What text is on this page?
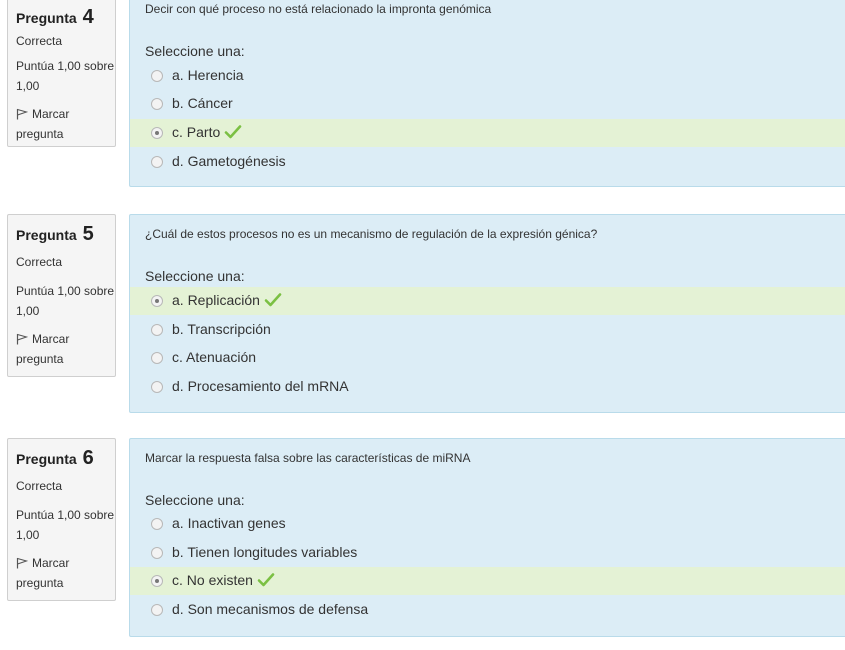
Pregunta 4
Correcta
Puntúa 1,00 sobre 1,00
Marcar pregunta
Decir con qué proceso no está relacionado la impronta genómica
Seleccione una:
a. Herencia
b. Cáncer
c. Parto
d. Gametogénesis
Pregunta 5
Correcta
Puntúa 1,00 sobre 1,00
Marcar pregunta
¿Cuál de estos procesos no es un mecanismo de regulación de la expresión génica?
Seleccione una:
a. Replicación
b. Transcripción
c. Atenuación
d. Procesamiento del mRNA
Pregunta 6
Correcta
Puntúa 1,00 sobre 1,00
Marcar pregunta
Marcar la respuesta falsa sobre las características de miRNA
Seleccione una:
a. Inactivan genes
b. Tienen longitudes variables
c. No existen
d. Son mecanismos de defensa
